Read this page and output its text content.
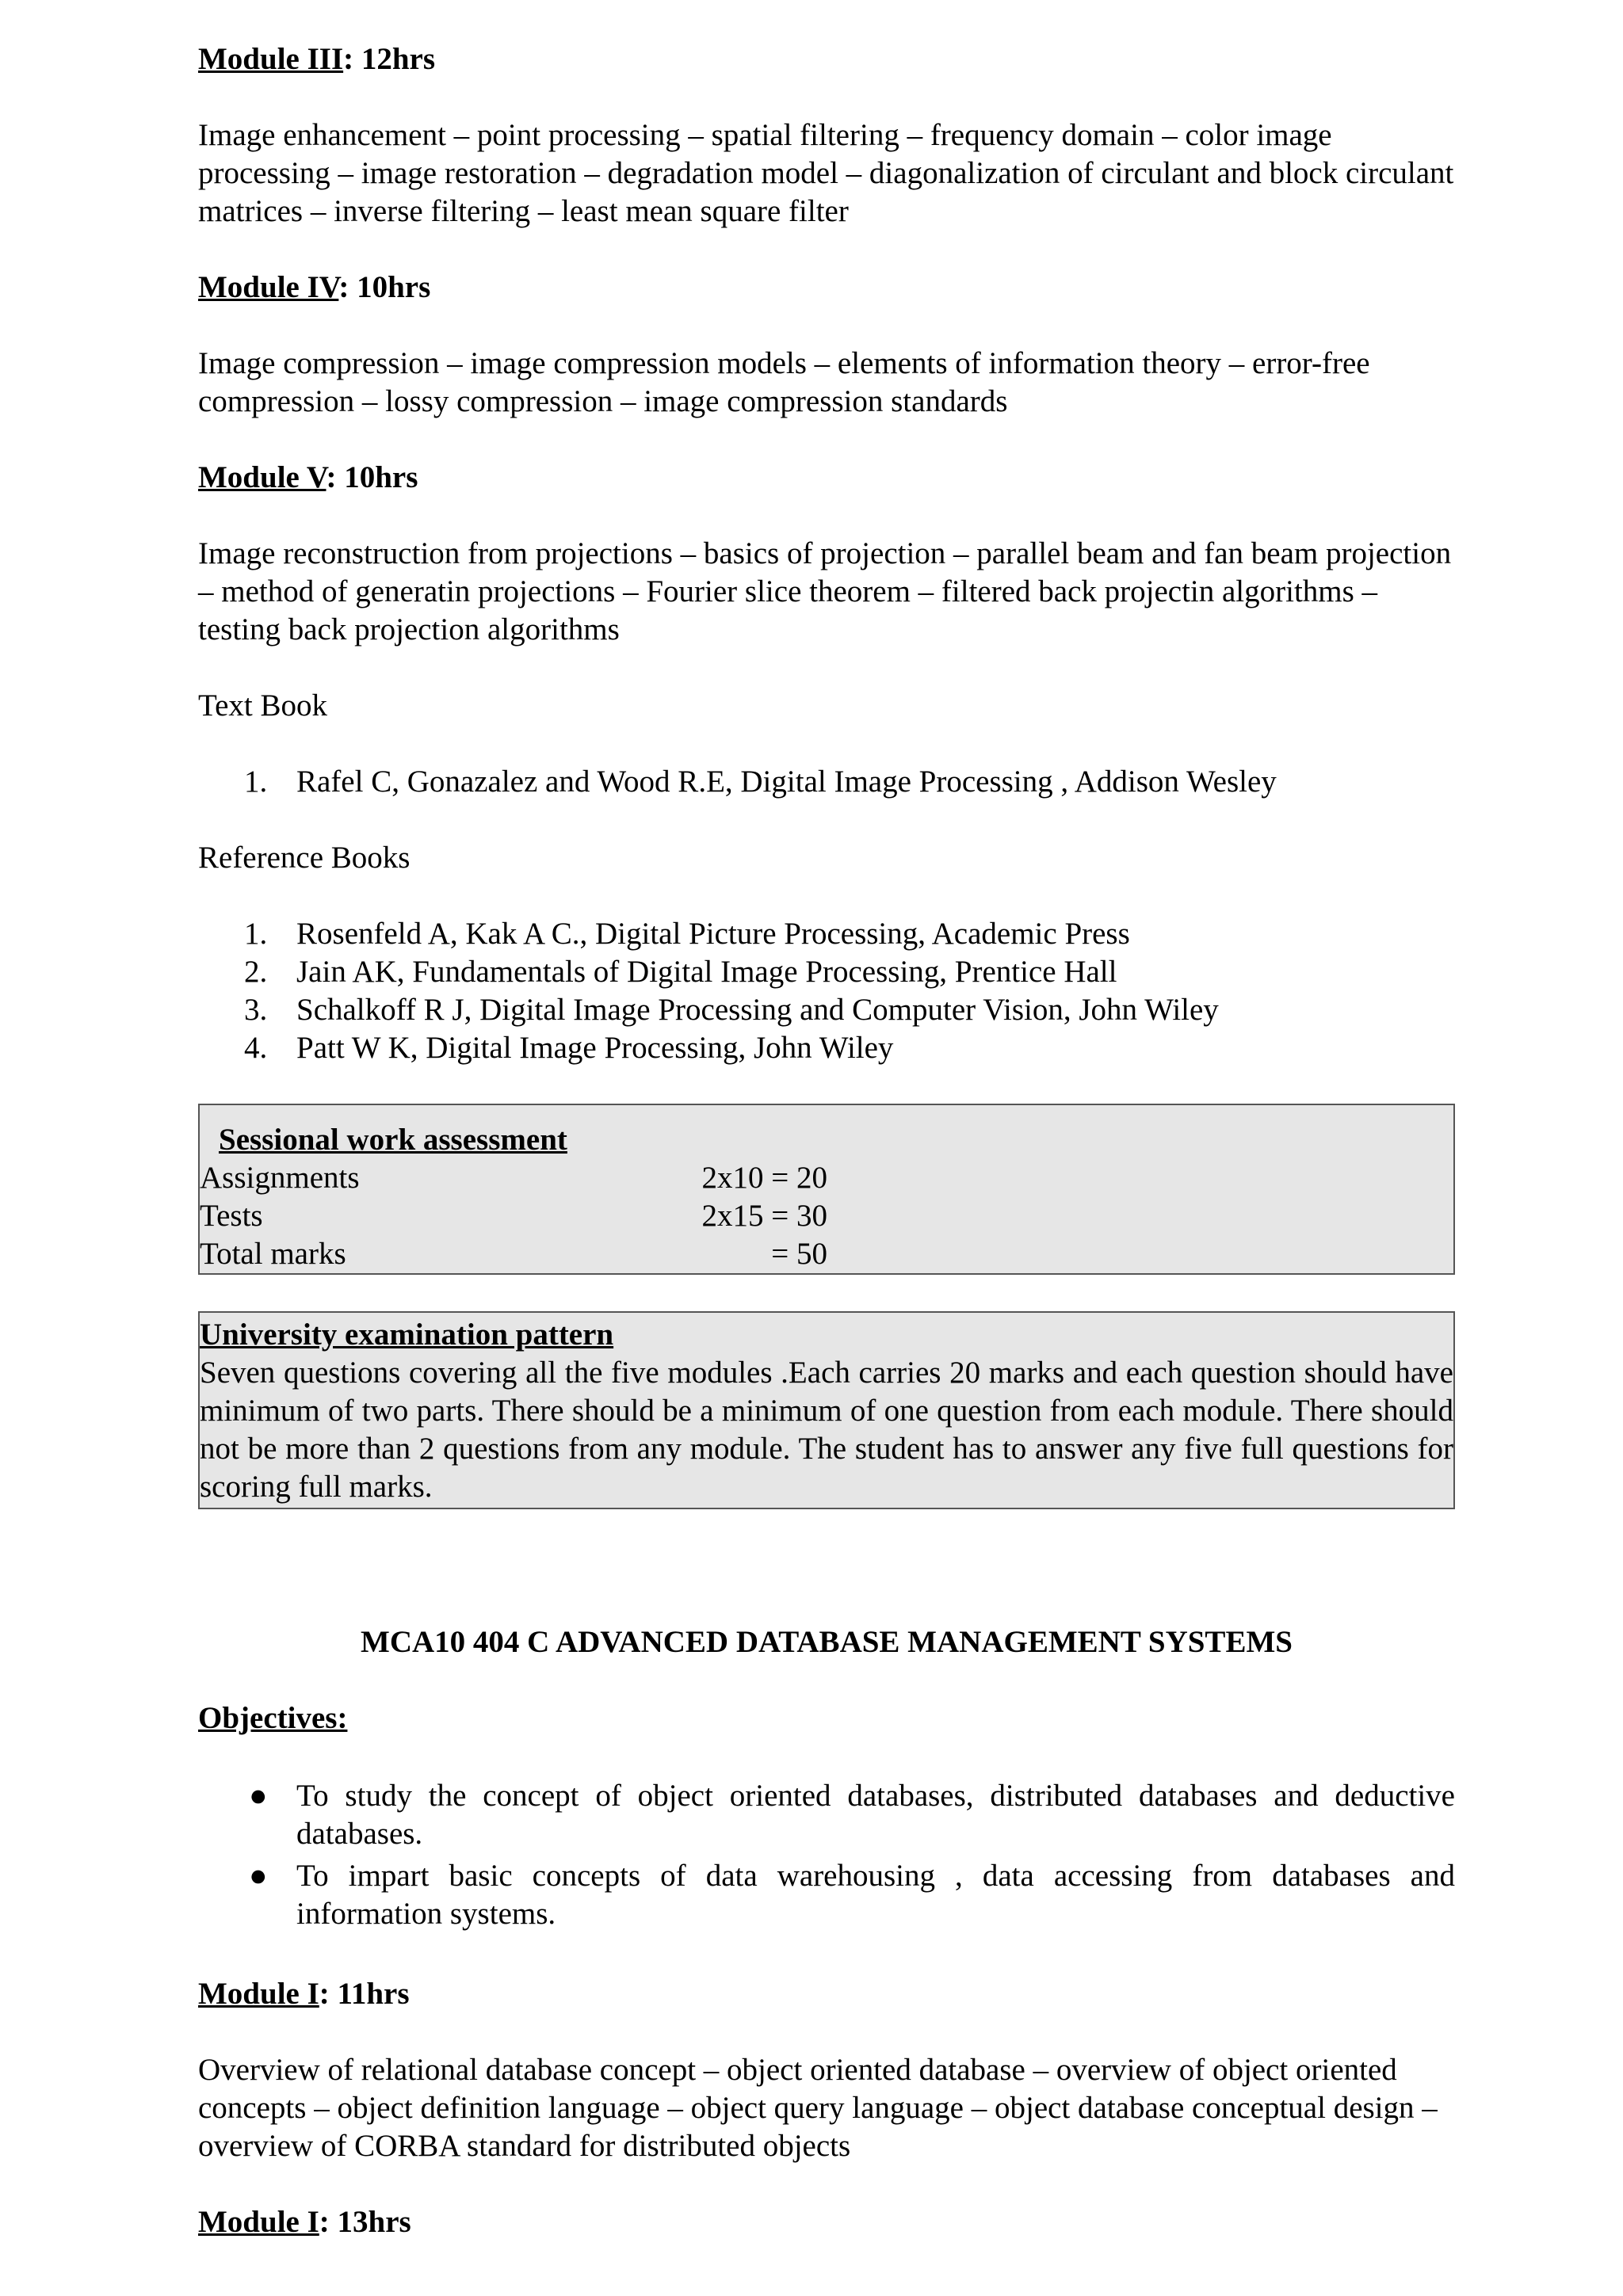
Module III: 12hrs
Image enhancement – point processing – spatial filtering – frequency domain – color image processing – image restoration – degradation model – diagonalization of circulant and block circulant matrices – inverse filtering – least mean square filter
Module IV: 10hrs
Image compression – image compression models – elements of information theory – error-free compression – lossy compression – image compression standards
Module V: 10hrs
Image reconstruction from projections – basics of projection – parallel beam and fan beam projection – method of generatin projections – Fourier slice theorem – filtered back projectin algorithms – testing back projection algorithms
Text Book
1. Rafel C, Gonazalez and Wood R.E, Digital Image Processing , Addison Wesley
Reference Books
1. Rosenfeld A, Kak A C., Digital Picture Processing, Academic Press
2. Jain AK, Fundamentals of Digital Image Processing, Prentice Hall
3. Schalkoff R J, Digital Image Processing and Computer Vision, John Wiley
4. Patt W K, Digital Image Processing, John Wiley
Sessional work assessment
Assignments	2x10 = 20
Tests	2x15 = 30
Total marks	= 50
University examination pattern
Seven questions covering all the five modules .Each carries 20 marks and each question should have minimum of two parts. There should be a minimum of one question from each module. There should not be more than 2 questions from any module. The student has to answer any five full questions for scoring full marks.
MCA10 404 C ADVANCED DATABASE MANAGEMENT SYSTEMS
Objectives:
● To study the concept of object oriented databases, distributed databases and deductive databases.
● To impart basic concepts of data warehousing , data accessing from databases and information systems.
Module I: 11hrs
Overview of relational database concept – object oriented database – overview of object oriented concepts – object definition language – object query language – object database conceptual design – overview of CORBA standard for distributed objects
Module I: 13hrs
